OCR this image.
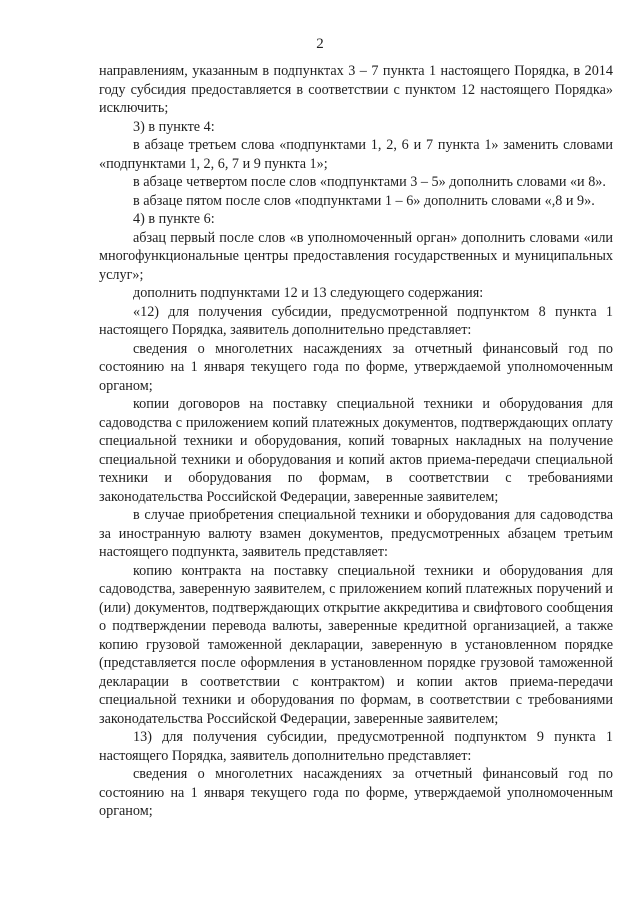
2

направлениям, указанным в подпунктах 3 – 7 пункта 1 настоящего Порядка, в 2014 году субсидия предоставляется в соответствии с пунктом 12 настоящего Порядка» исключить;

3) в пункте 4:

в абзаце третьем слова «подпунктами 1, 2, 6 и 7 пункта 1» заменить словами «подпунктами 1, 2, 6, 7 и 9 пункта 1»;

в абзаце четвертом после слов «подпунктами 3 – 5» дополнить словами «и 8».

в абзаце пятом после слов «подпунктами 1 – 6» дополнить словами «,8 и 9».

4) в пункте 6:

абзац первый после слов «в уполномоченный орган» дополнить словами «или многофункциональные центры предоставления государственных и муниципальных услуг»;

дополнить подпунктами 12 и 13 следующего содержания:

«12) для получения субсидии, предусмотренной подпунктом 8 пункта 1 настоящего Порядка, заявитель дополнительно представляет:

сведения о многолетних насаждениях за отчетный финансовый год по состоянию на 1 января текущего года по форме, утверждаемой уполномоченным органом;

копии договоров на поставку специальной техники и оборудования для садоводства с приложением копий платежных документов, подтверждающих оплату специальной техники и оборудования, копий товарных накладных на получение специальной техники и оборудования и копий актов приема-передачи специальной техники и оборудования по формам, в соответствии с требованиями законодательства Российской Федерации, заверенные заявителем;

в случае приобретения специальной техники и оборудования для садоводства за иностранную валюту взамен документов, предусмотренных абзацем третьим настоящего подпункта, заявитель представляет:

копию контракта на поставку специальной техники и оборудования для садоводства, заверенную заявителем, с приложением копий платежных поручений и (или) документов, подтверждающих открытие аккредитива и свифтового сообщения о подтверждении перевода валюты, заверенные кредитной организацией, а также копию грузовой таможенной декларации, заверенную в установленном порядке (представляется после оформления в установленном порядке грузовой таможенной декларации в соответствии с контрактом) и копии актов приема-передачи специальной техники и оборудования по формам, в соответствии с требованиями законодательства Российской Федерации, заверенные заявителем;

13) для получения субсидии, предусмотренной подпунктом 9 пункта 1 настоящего Порядка, заявитель дополнительно представляет:

сведения о многолетних насаждениях за отчетный финансовый год по состоянию на 1 января текущего года по форме, утверждаемой уполномоченным органом;
